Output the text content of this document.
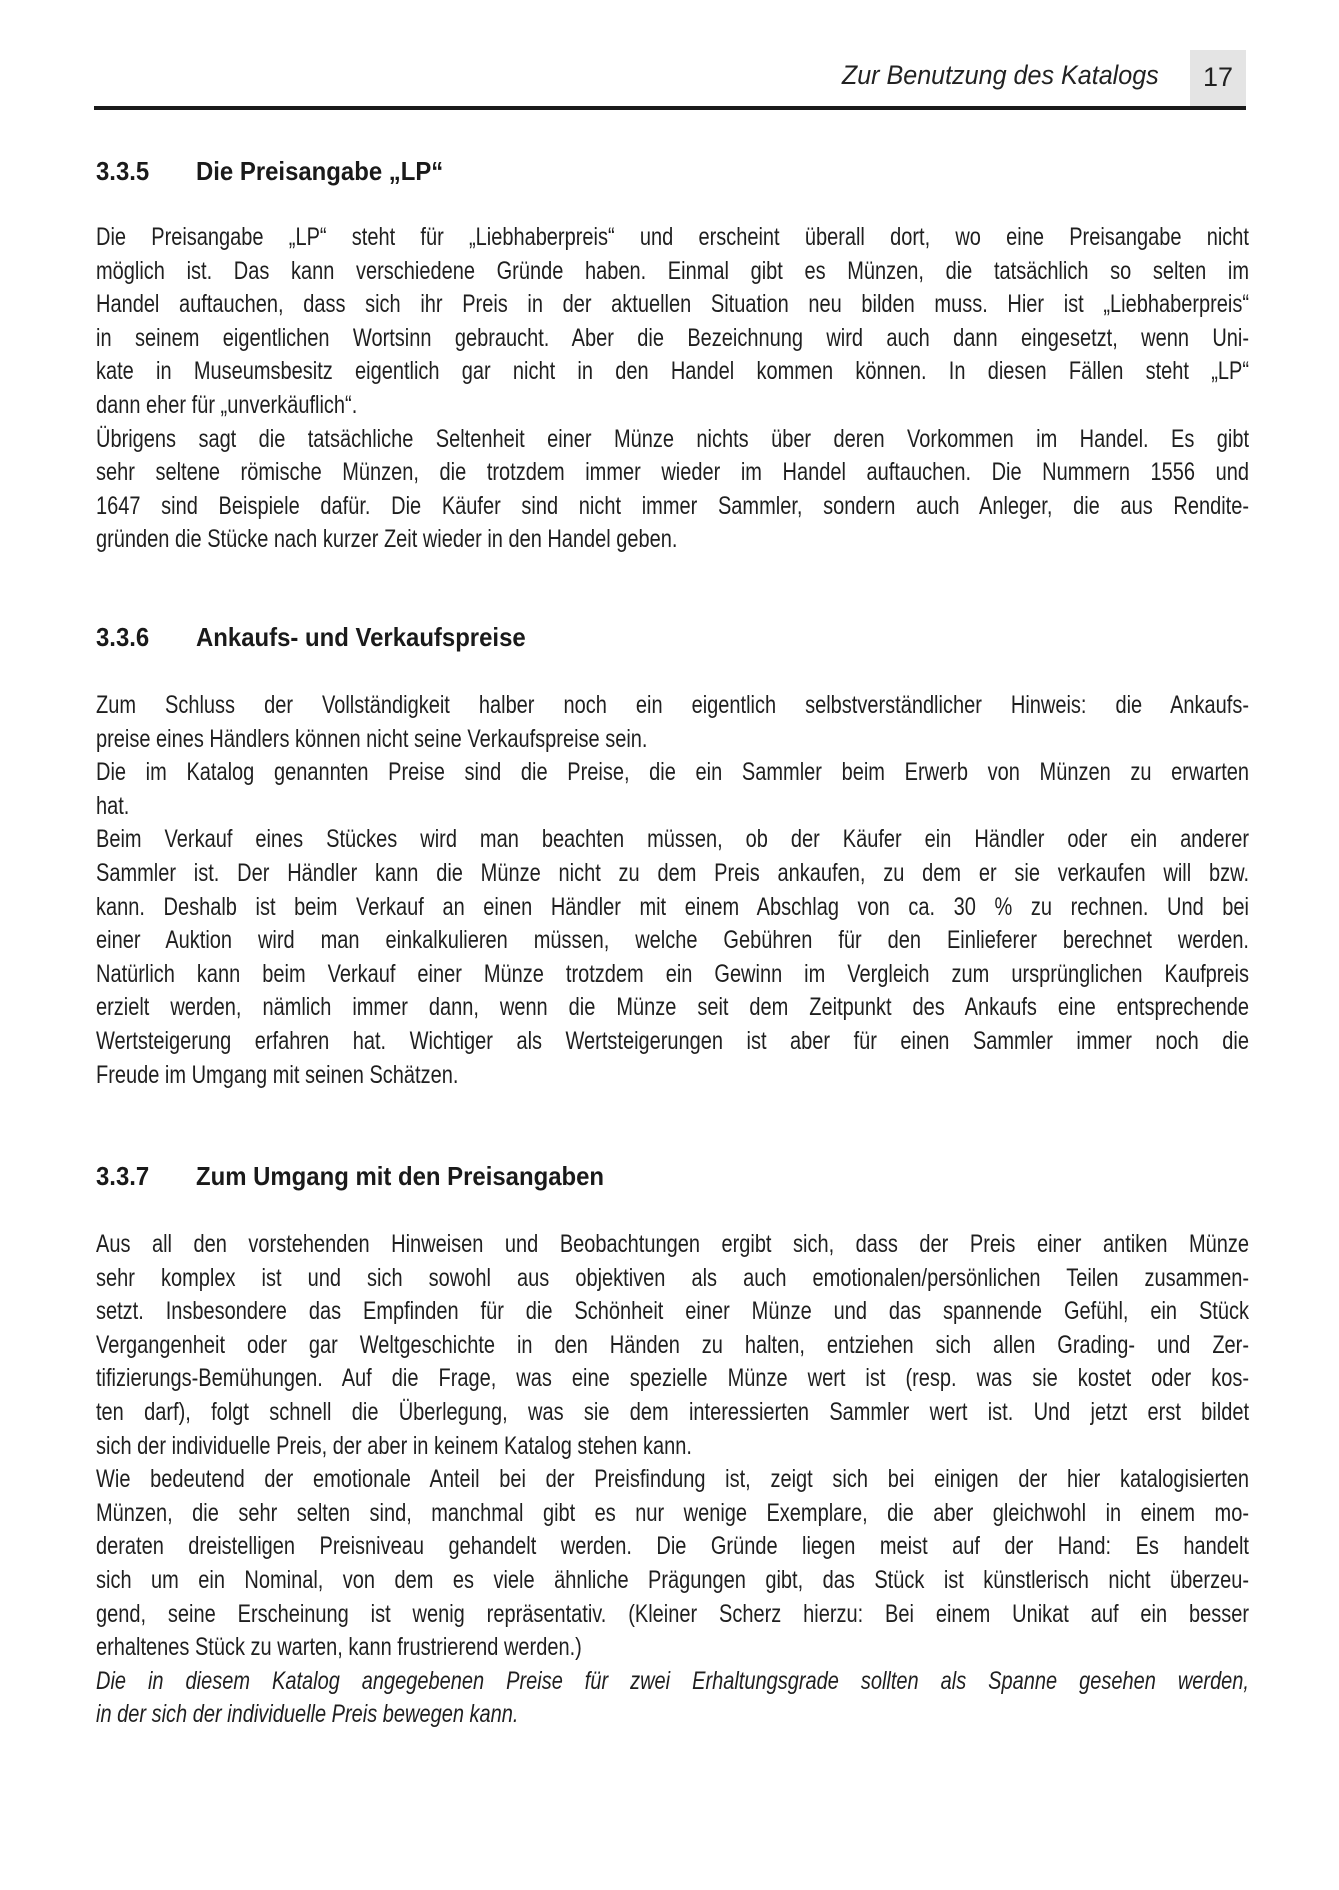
Zur Benutzung des Katalogs	17
3.3.5 Die Preisangabe „LP“
Die Preisangabe „LP“ steht für „Liebhaberpreis“ und erscheint überall dort, wo eine Preisangabe nicht
möglich ist. Das kann verschiedene Gründe haben. Einmal gibt es Münzen, die tatsächlich so selten im
Handel auftauchen, dass sich ihr Preis in der aktuellen Situation neu bilden muss. Hier ist „Liebhaberpreis“
in seinem eigentlichen Wortsinn gebraucht. Aber die Bezeichnung wird auch dann eingesetzt, wenn Uni-
kate in Museumsbesitz eigentlich gar nicht in den Handel kommen können. In diesen Fällen steht „LP“
dann eher für „unverkäuflich“.
Übrigens sagt die tatsächliche Seltenheit einer Münze nichts über deren Vorkommen im Handel. Es gibt
sehr seltene römische Münzen, die trotzdem immer wieder im Handel auftauchen. Die Nummern 1556 und
1647 sind Beispiele dafür. Die Käufer sind nicht immer Sammler, sondern auch Anleger, die aus Rendite-
gründen die Stücke nach kurzer Zeit wieder in den Handel geben.
3.3.6 Ankaufs- und Verkaufspreise
Zum Schluss der Vollständigkeit halber noch ein eigentlich selbstverständlicher Hinweis: die Ankaufs-
preise eines Händlers können nicht seine Verkaufspreise sein.
Die im Katalog genannten Preise sind die Preise, die ein Sammler beim Erwerb von Münzen zu erwarten
hat.
Beim Verkauf eines Stückes wird man beachten müssen, ob der Käufer ein Händler oder ein anderer
Sammler ist. Der Händler kann die Münze nicht zu dem Preis ankaufen, zu dem er sie verkaufen will bzw.
kann. Deshalb ist beim Verkauf an einen Händler mit einem Abschlag von ca. 30 % zu rechnen. Und bei
einer Auktion wird man einkalkulieren müssen, welche Gebühren für den Einlieferer berechnet werden.
Natürlich kann beim Verkauf einer Münze trotzdem ein Gewinn im Vergleich zum ursprünglichen Kaufpreis
erzielt werden, nämlich immer dann, wenn die Münze seit dem Zeitpunkt des Ankaufs eine entsprechende
Wertsteigerung erfahren hat. Wichtiger als Wertsteigerungen ist aber für einen Sammler immer noch die
Freude im Umgang mit seinen Schätzen.
3.3.7 Zum Umgang mit den Preisangaben
Aus all den vorstehenden Hinweisen und Beobachtungen ergibt sich, dass der Preis einer antiken Münze
sehr komplex ist und sich sowohl aus objektiven als auch emotionalen/persönlichen Teilen zusammen-
setzt. Insbesondere das Empfinden für die Schönheit einer Münze und das spannende Gefühl, ein Stück
Vergangenheit oder gar Weltgeschichte in den Händen zu halten, entziehen sich allen Grading- und Zer-
tifizierungs-Bemühungen. Auf die Frage, was eine spezielle Münze wert ist (resp. was sie kostet oder kos-
ten darf), folgt schnell die Überlegung, was sie dem interessierten Sammler wert ist. Und jetzt erst bildet
sich der individuelle Preis, der aber in keinem Katalog stehen kann.
Wie bedeutend der emotionale Anteil bei der Preisfindung ist, zeigt sich bei einigen der hier katalogisierten
Münzen, die sehr selten sind, manchmal gibt es nur wenige Exemplare, die aber gleichwohl in einem mo-
deraten dreistelligen Preisniveau gehandelt werden. Die Gründe liegen meist auf der Hand: Es handelt
sich um ein Nominal, von dem es viele ähnliche Prägungen gibt, das Stück ist künstlerisch nicht überzeu-
gend, seine Erscheinung ist wenig repräsentativ. (Kleiner Scherz hierzu: Bei einem Unikat auf ein besser
erhaltenes Stück zu warten, kann frustrierend werden.)
Die in diesem Katalog angegebenen Preise für zwei Erhaltungsgrade sollten als Spanne gesehen werden,
in der sich der individuelle Preis bewegen kann.
